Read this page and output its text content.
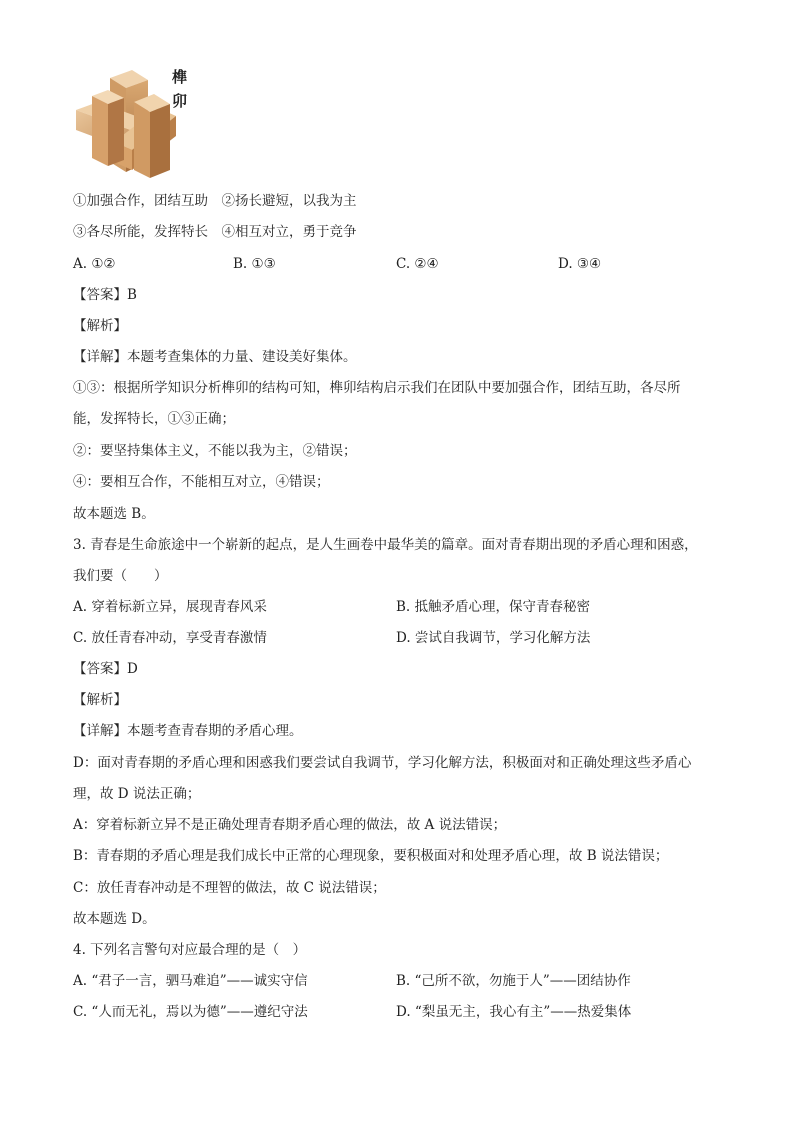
榫
卯
①加强合作，团结互助　②扬长避短，以我为主
③各尽所能，发挥特长　④相互对立，勇于竞争
A. ①②	B. ①③	C. ②④	D. ③④
【答案】B
【解析】
【详解】本题考查集体的力量、建设美好集体。
①③：根据所学知识分析榫卯的结构可知，榫卯结构启示我们在团队中要加强合作，团结互助，各尽所
能，发挥特长，①③正确；
②：要坚持集体主义，不能以我为主，②错误；
④：要相互合作，不能相互对立，④错误；
故本题选 B。
3. 青春是生命旅途中一个崭新的起点，是人生画卷中最华美的篇章。面对青春期出现的矛盾心理和困惑，
我们要（　　）
A. 穿着标新立异，展现青春风采	B. 抵触矛盾心理，保守青春秘密
C. 放任青春冲动，享受青春激情	D. 尝试自我调节，学习化解方法
【答案】D
【解析】
【详解】本题考查青春期的矛盾心理。
D：面对青春期的矛盾心理和困惑我们要尝试自我调节，学习化解方法，积极面对和正确处理这些矛盾心
理，故 D 说法正确；
A：穿着标新立异不是正确处理青春期矛盾心理的做法，故 A 说法错误；
B：青春期的矛盾心理是我们成长中正常的心理现象，要积极面对和处理矛盾心理，故 B 说法错误；
C：放任青春冲动是不理智的做法，故 C 说法错误；
故本题选 D。
4. 下列名言警句对应最合理的是（　）
A. “君子一言，驷马难追”——诚实守信	B. “己所不欲，勿施于人”——团结协作
C. “人而无礼，焉以为德”——遵纪守法	D. “梨虽无主，我心有主”——热爱集体
